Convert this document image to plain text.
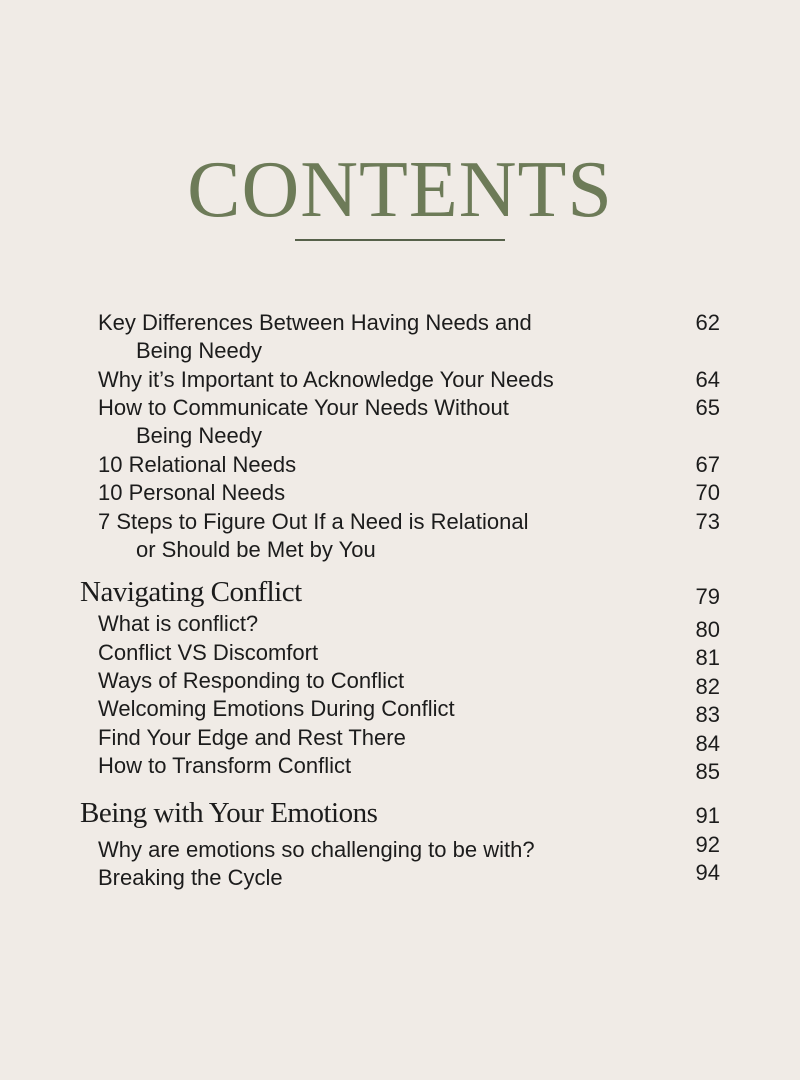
CONTENTS
Key Differences Between Having Needs and
Being Needy
62
Why it’s Important to Acknowledge Your Needs	64
How to Communicate Your Needs Without
Being Needy
65
10 Relational Needs	67
10 Personal Needs	70
7 Steps to Figure Out If a Need is Relational
or Should be Met by You
73
Navigating Conflict	79
What is conflict?	80
Conflict VS Discomfort	81
Ways of Responding to Conflict	82
Welcoming Emotions During Conflict	83
Find Your Edge and Rest There	84
How to Transform Conflict	85
Being with Your Emotions	91
Why are emotions so challenging to be with?	92
Breaking the Cycle	94
